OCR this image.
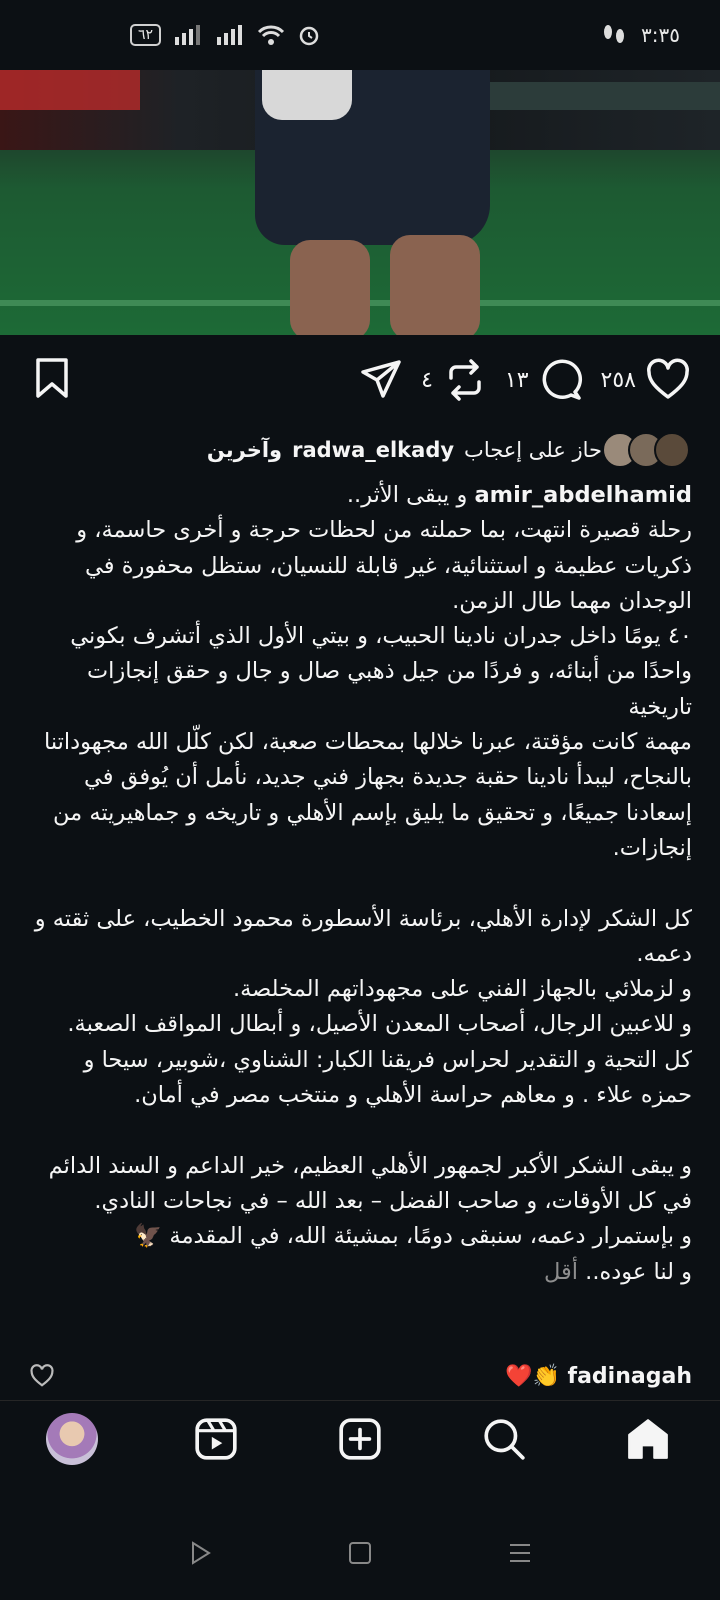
٦٢	٣:٣٥
٤	١٣	٢٥٨
حاز على إعجاب
radwa_elkady
وآخرين
amir_abdelhamid و يبقى الأثر..
رحلة قصيرة انتهت، بما حملته من لحظات حرجة و أخرى حاسمة، و ذكريات عظيمة و استثنائية، غير قابلة للنسيان، ستظل محفورة في الوجدان مهما طال الزمن.
٤٠ يومًا داخل جدران نادينا الحبيب، و بيتي الأول الذي أتشرف بكوني واحدًا من أبنائه، و فردًا من جيل ذهبي صال و جال و حقق إنجازات تاريخية
مهمة كانت مؤقتة، عبرنا خلالها بمحطات صعبة، لكن كلّل الله مجهوداتنا بالنجاح، ليبدأ نادينا حقبة جديدة بجهاز فني جديد، نأمل أن يُوفق في إسعادنا جميعًا، و تحقيق ما يليق بإسم الأهلي و تاريخه و جماهيريته من إنجازات.

كل الشكر لإدارة الأهلي، برئاسة الأسطورة محمود الخطيب، على ثقته و دعمه.
و لزملائي بالجهاز الفني على مجهوداتهم المخلصة.
و للاعبين الرجال، أصحاب المعدن الأصيل، و أبطال المواقف الصعبة.
كل التحية و التقدير لحراس فريقنا الكبار: الشناوي ،شوبير، سيحا و حمزه علاء . و معاهم حراسة الأهلي و منتخب مصر في أمان.

و يبقى الشكر الأكبر لجمهور الأهلي العظيم، خير الداعم و السند الدائم في كل الأوقات، و صاحب الفضل – بعد الله – في نجاحات النادي.
و بإستمرار دعمه، سنبقى دومًا، بمشيئة الله، في المقدمة 🦅
و لنا عوده.. أقل
fadinagah 👏❤️
